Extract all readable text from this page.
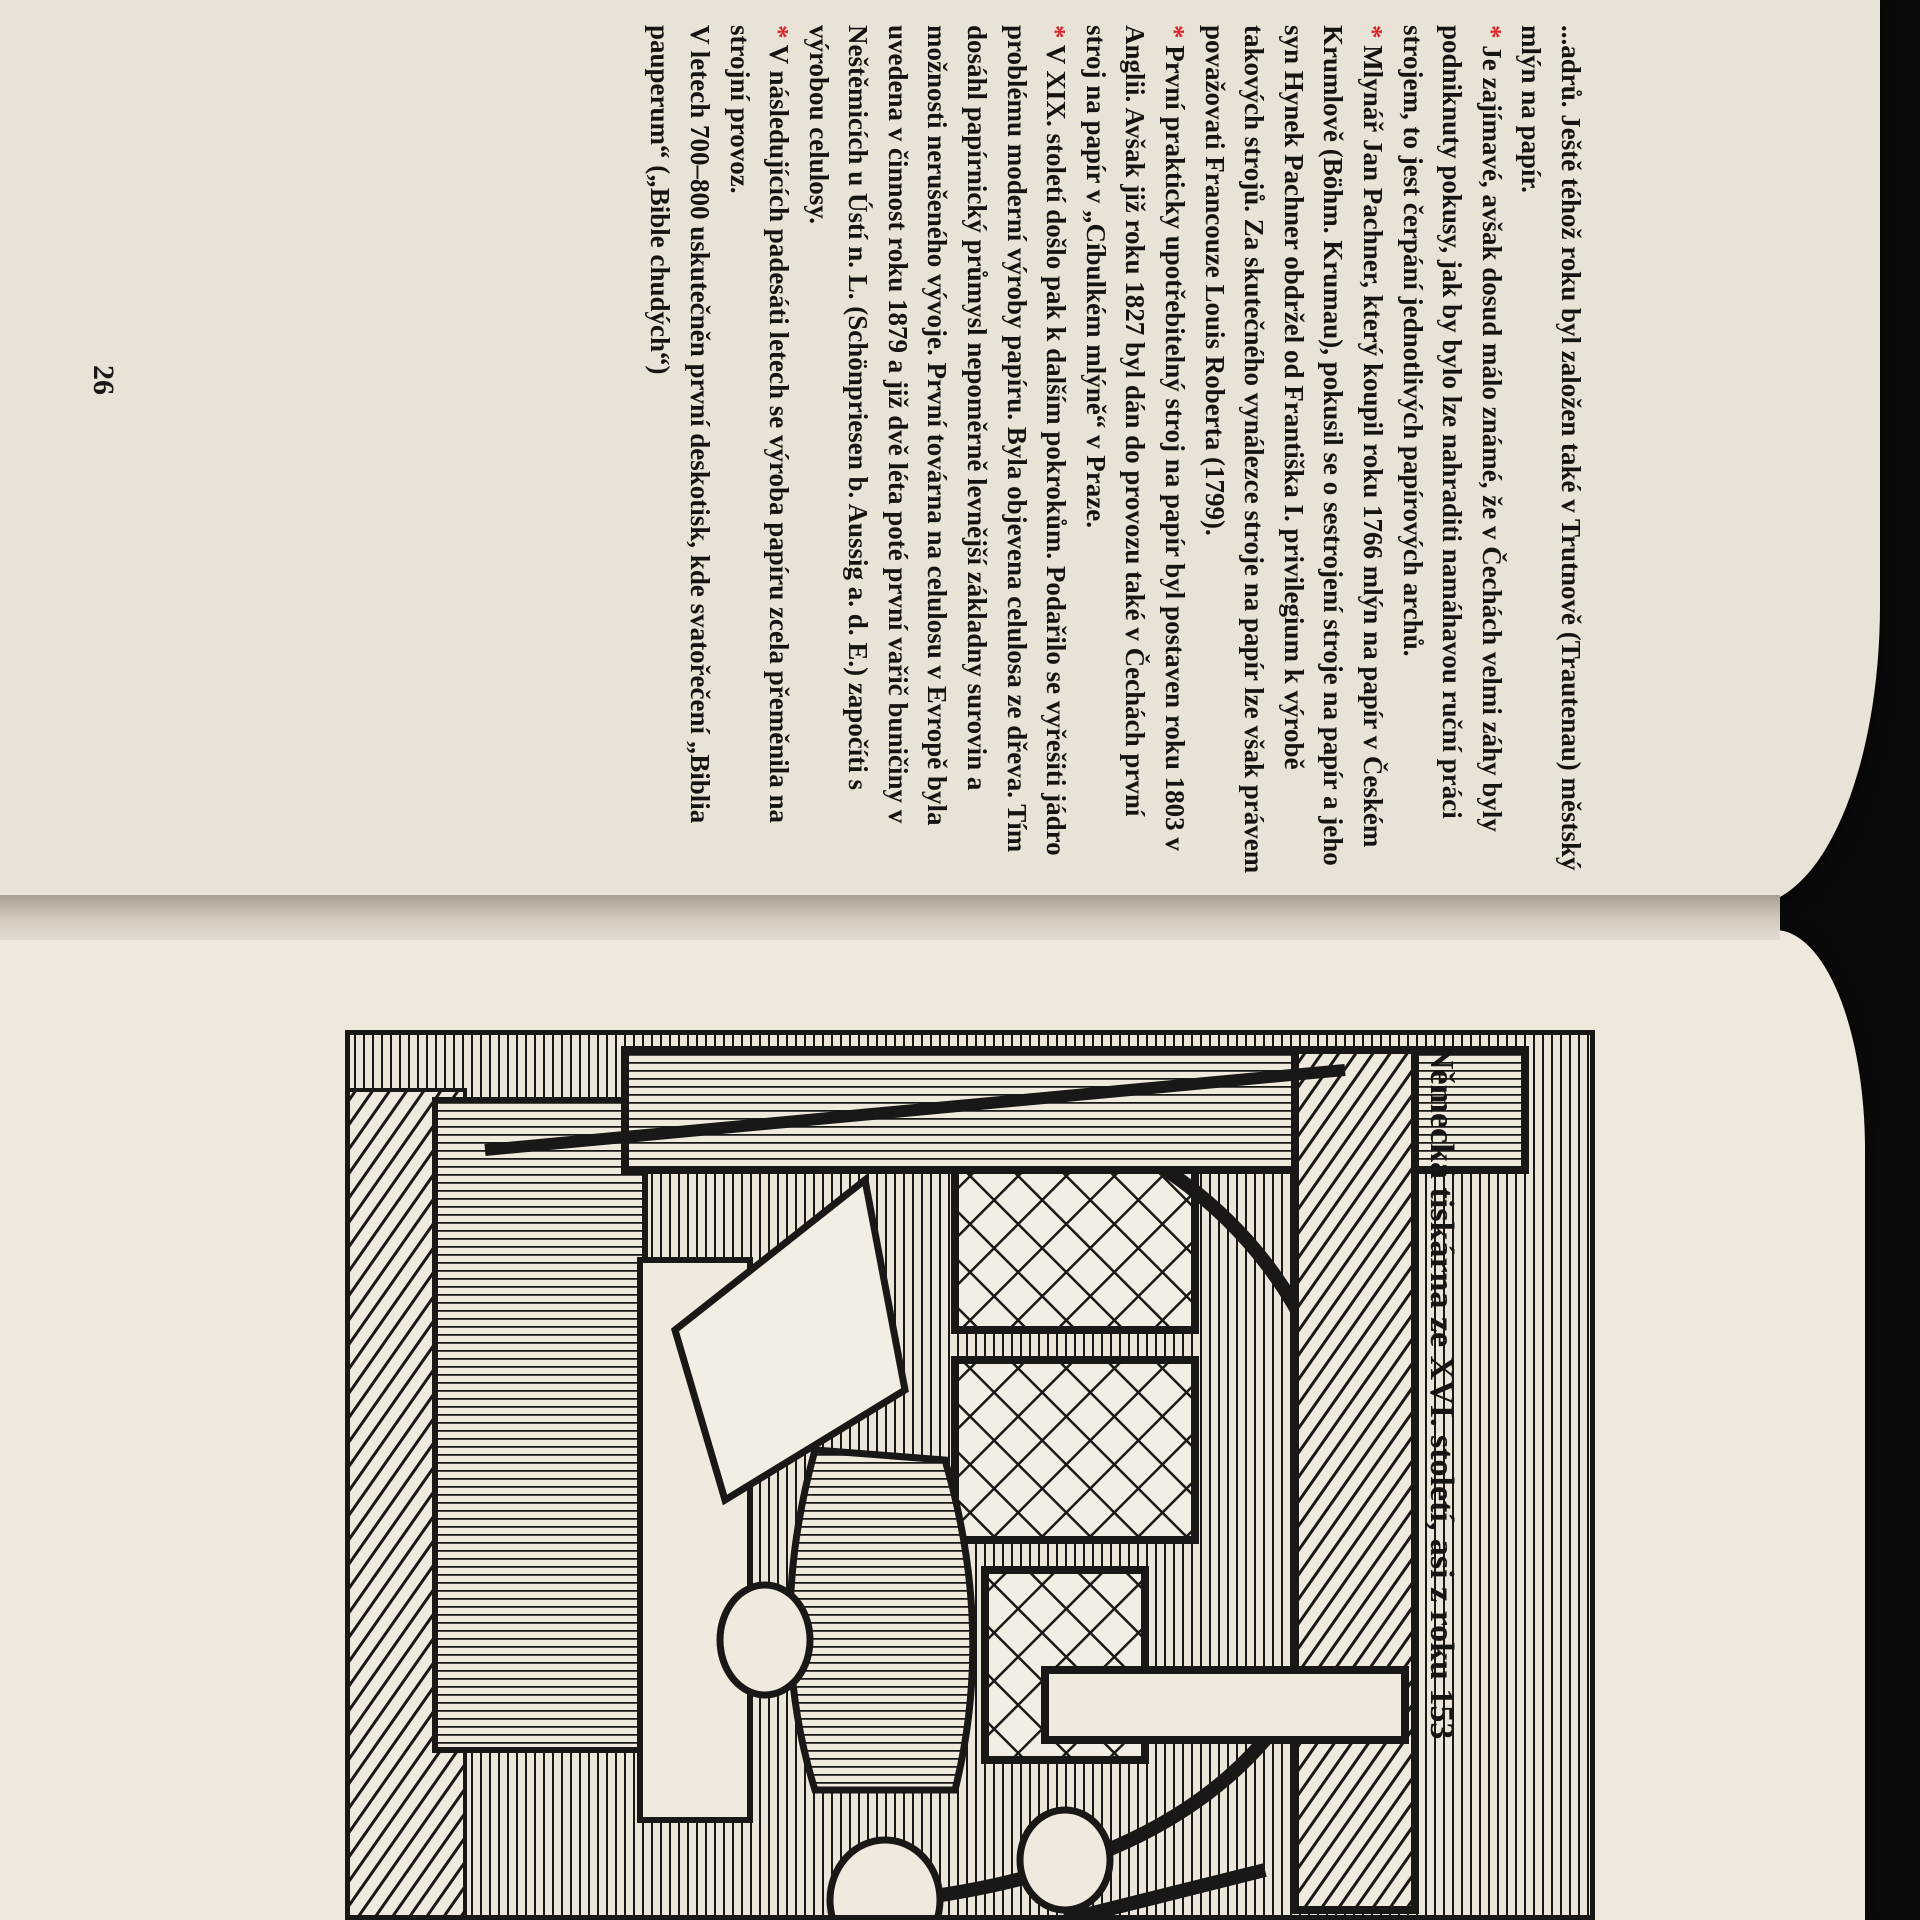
...adrů. Ještě téhož roku byl založen také v Trutnově (Trautenau) městský mlýn na papír.

* Je zajímavé, avšak dosud málo známé, že v Čechách velmi záhy byly podniknuty pokusy, jak by bylo lze nahraditi namáhavou ruční práci strojem, to jest čerpání jednotlivých papírových archů.

* Mlynář Jan Pachner, který koupil roku 1766 mlýn na papír v Českém Krumlově (Böhm. Krumau), pokusil se o sestrojení stroje na papír a jeho syn Hynek Pachner obdržel od Františka I. privilegium k výrobě takových strojů. Za skutečného vynálezce stroje na papír lze však právem považovati Francouze Louis Roberta (1799).

* První prakticky upotřebitelný stroj na papír byl postaven roku 1803 v Anglii. Avšak již roku 1827 byl dán do provozu také v Čechách první stroj na papír v „Cíbulkém mlýně“ v Praze.

* V XIX. století došlo pak k dalším pokrokům. Podařilo se vyřešiti jádro problému moderní výroby papíru. Byla objevena celulosa ze dřeva. Tím dosáhl papírnický průmysl nepoměrně levnější základny surovin a možnosti nerušeného vývoje. První továrna na celulosu v Evropě byla uvedena v činnost roku 1879 a již dvě léta poté první vařič buničiny v Neštěmicích u Ústí n. L. (Schönpriesen b. Aussig a. d. E.) započíti s výrobou celulosy.

* V následujících padesáti letech se výroba papíru zcela přeměnila na strojní provoz.

V letech 700–800 uskutečněn první deskotisk, kde svatořečení „Biblia pauperum“ („Bible chudých“)

26
Německá tiskárna ze XVI. století, asi z roku 153
